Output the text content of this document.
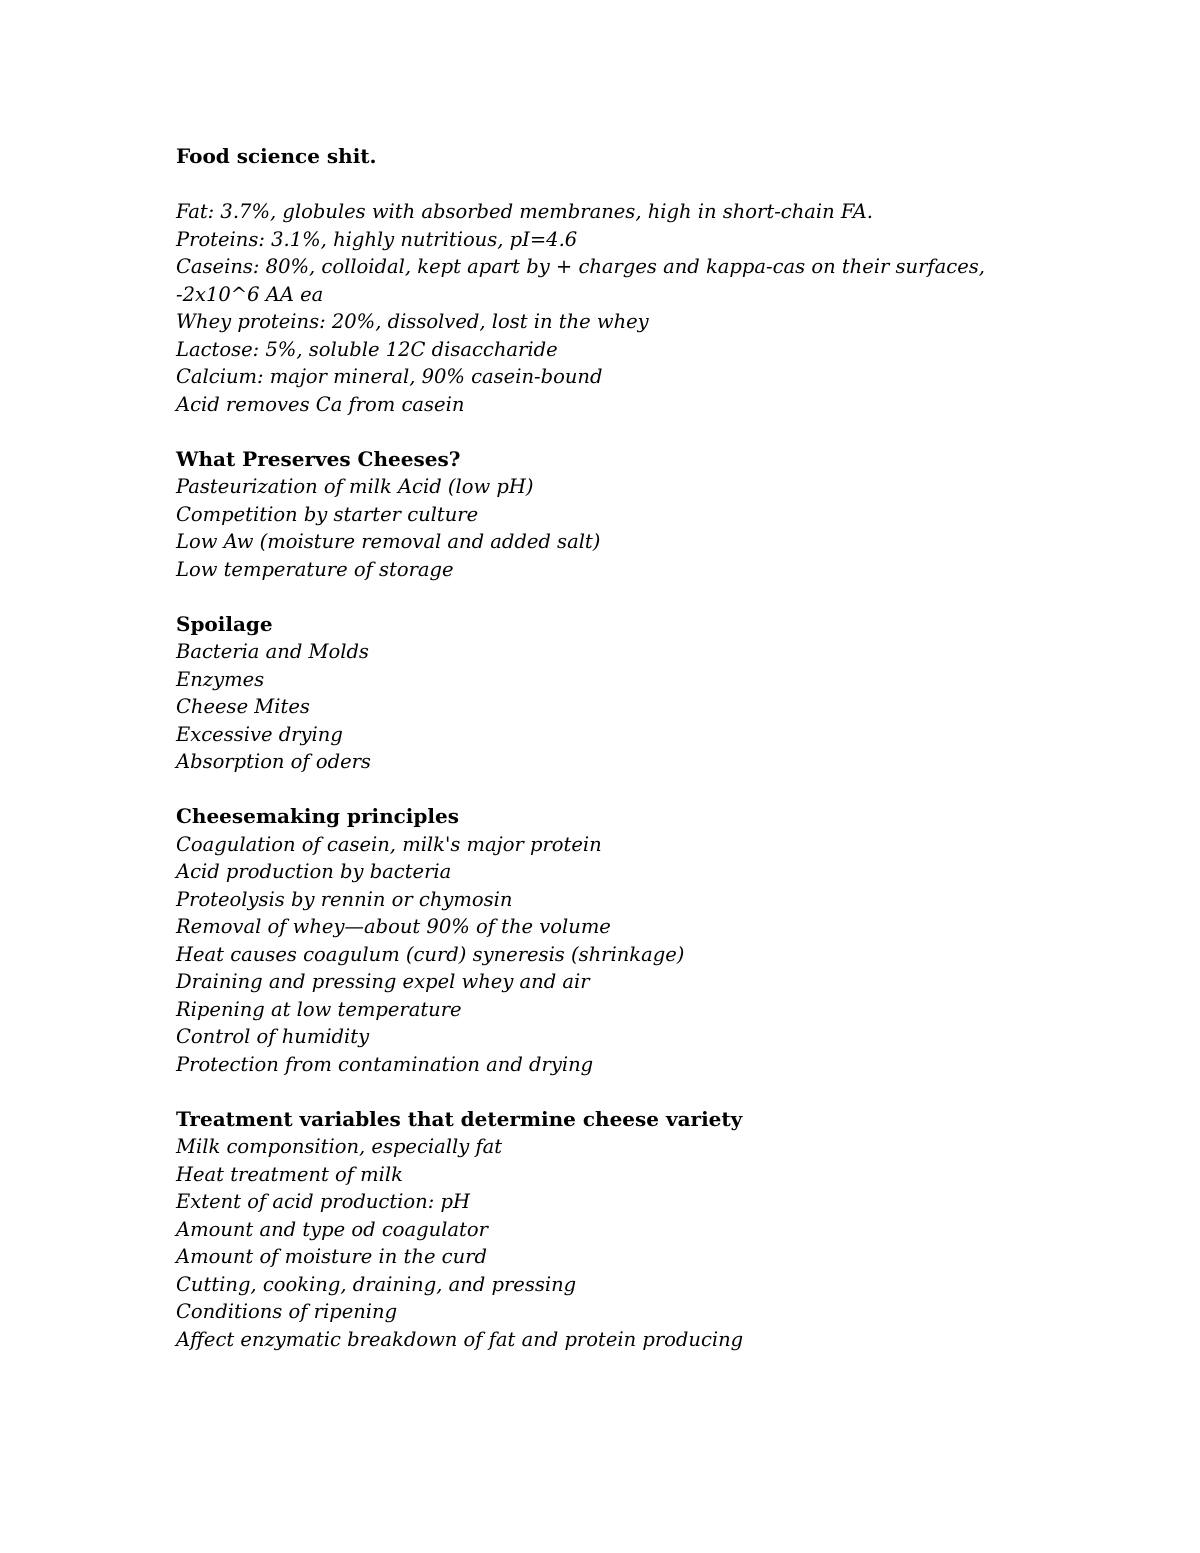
Food science shit.
Fat: 3.7%, globules with absorbed membranes, high in short-chain FA.
Proteins: 3.1%, highly nutritious, pI=4.6
Caseins: 80%, colloidal, kept apart by + charges and kappa-cas on their surfaces,
-2x10^6 AA ea
Whey proteins: 20%, dissolved, lost in the whey
Lactose: 5%, soluble 12C disaccharide
Calcium: major mineral, 90% casein-bound
Acid removes Ca from casein
What Preserves Cheeses?
Pasteurization of milk Acid (low pH)
Competition by starter culture
Low Aw (moisture removal and added salt)
Low temperature of storage
Spoilage
Bacteria and Molds
Enzymes
Cheese Mites
Excessive drying
Absorption of oders
Cheesemaking principles
Coagulation of casein, milk's major protein
Acid production by bacteria
Proteolysis by rennin or chymosin
Removal of whey—about 90% of the volume
Heat causes coagulum (curd) syneresis (shrinkage)
Draining and pressing expel whey and air
Ripening at low temperature
Control of humidity
Protection from contamination and drying
Treatment variables that determine cheese variety
Milk componsition, especially fat
Heat treatment of milk
Extent of acid production: pH
Amount and type od coagulator
Amount of moisture in the curd
Cutting, cooking, draining, and pressing
Conditions of ripening
Affect enzymatic breakdown of fat and protein producing
